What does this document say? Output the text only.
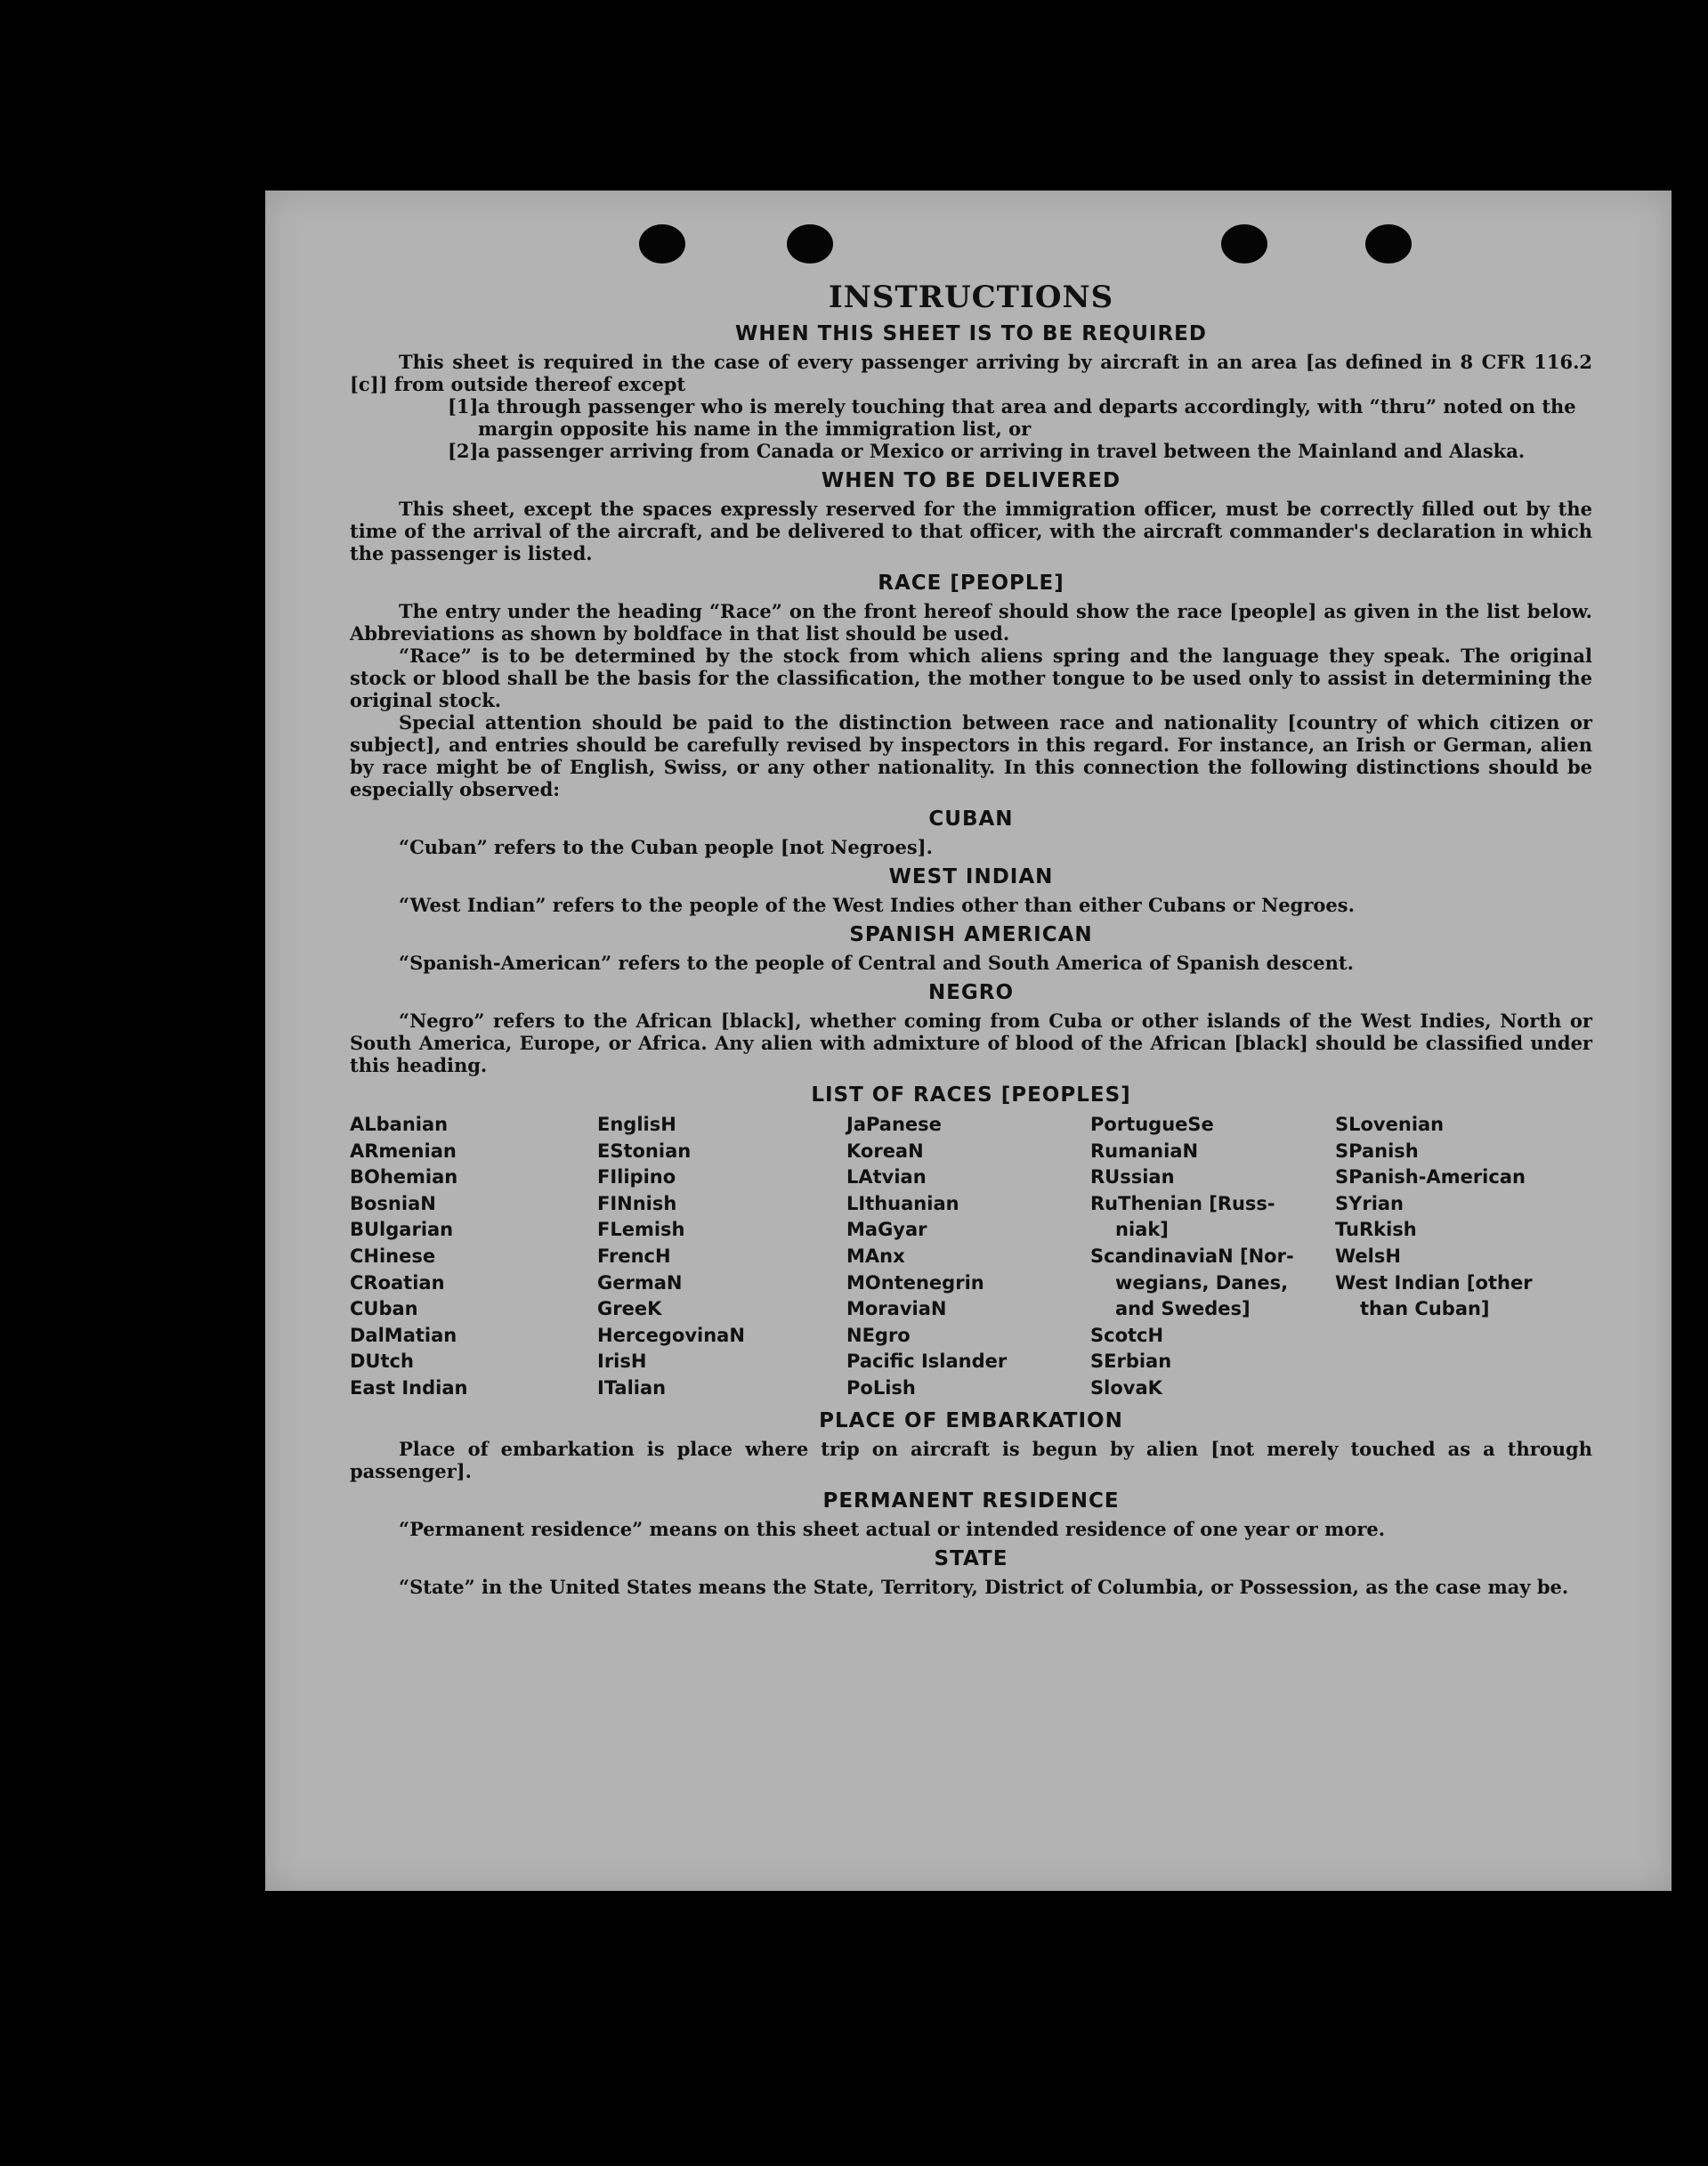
INSTRUCTIONS
WHEN THIS SHEET IS TO BE REQUIRED

This sheet is required in the case of every passenger arriving by aircraft in an area [as defined in 8 CFR 116.2 [c]] from outside thereof except

[1] a through passenger who is merely touching that area and departs accordingly, with “thru” noted on the margin opposite his name in the immigration list, or
[2] a passenger arriving from Canada or Mexico or arriving in travel between the Mainland and Alaska.
WHEN TO BE DELIVERED

This sheet, except the spaces expressly reserved for the immigration officer, must be correctly filled out by the time of the arrival of the aircraft, and be delivered to that officer, with the aircraft commander's declaration in which the passenger is listed.

RACE [PEOPLE]

The entry under the heading “Race” on the front hereof should show the race [people] as given in the list below. Abbreviations as shown by boldface in that list should be used.

“Race” is to be determined by the stock from which aliens spring and the language they speak. The original stock or blood shall be the basis for the classification, the mother tongue to be used only to assist in determining the original stock.

Special attention should be paid to the distinction between race and nationality [country of which citizen or subject], and entries should be carefully revised by inspectors in this regard. For instance, an Irish or German, alien by race might be of English, Swiss, or any other nationality. In this connection the following distinctions should be especially observed:

CUBAN

“Cuban” refers to the Cuban people [not Negroes].

WEST INDIAN

“West Indian” refers to the people of the West Indies other than either Cubans or Negroes.

SPANISH AMERICAN

“Spanish-American” refers to the people of Central and South America of Spanish descent.

NEGRO

“Negro” refers to the African [black], whether coming from Cuba or other islands of the West Indies, North or South America, Europe, or Africa. Any alien with admixture of blood of the African [black] should be classified under this heading.

LIST OF RACES [PEOPLES]
ALbanian
ARmenian
BOhemian
BosniaN
BUlgarian
CHinese
CRoatian
CUban
DalMatian
DUtch
East Indian
EnglisH
EStonian
FIlipino
FINnish
FLemish
FrencH
GermaN
GreeK
HercegovinaN
IrisH
ITalian
JaPanese
KoreaN
LAtvian
LIthuanian
MaGyar
MAnx
MOntenegrin
MoraviaN
NEgro
Pacific Islander
PoLish
PortugueSe
RumaniaN
RUssian
RuThenian [Russ-
niak]
ScandinaviaN [Nor-
wegians, Danes,
and Swedes]
ScotcH
SErbian
SlovaK
SLovenian
SPanish
SPanish-American
SYrian
TuRkish
WelsH
West Indian [other
than Cuban]
PLACE OF EMBARKATION

Place of embarkation is place where trip on aircraft is begun by alien [not merely touched as a through passenger].

PERMANENT RESIDENCE

“Permanent residence” means on this sheet actual or intended residence of one year or more.

STATE

“State” in the United States means the State, Territory, District of Columbia, or Possession, as the case may be.
